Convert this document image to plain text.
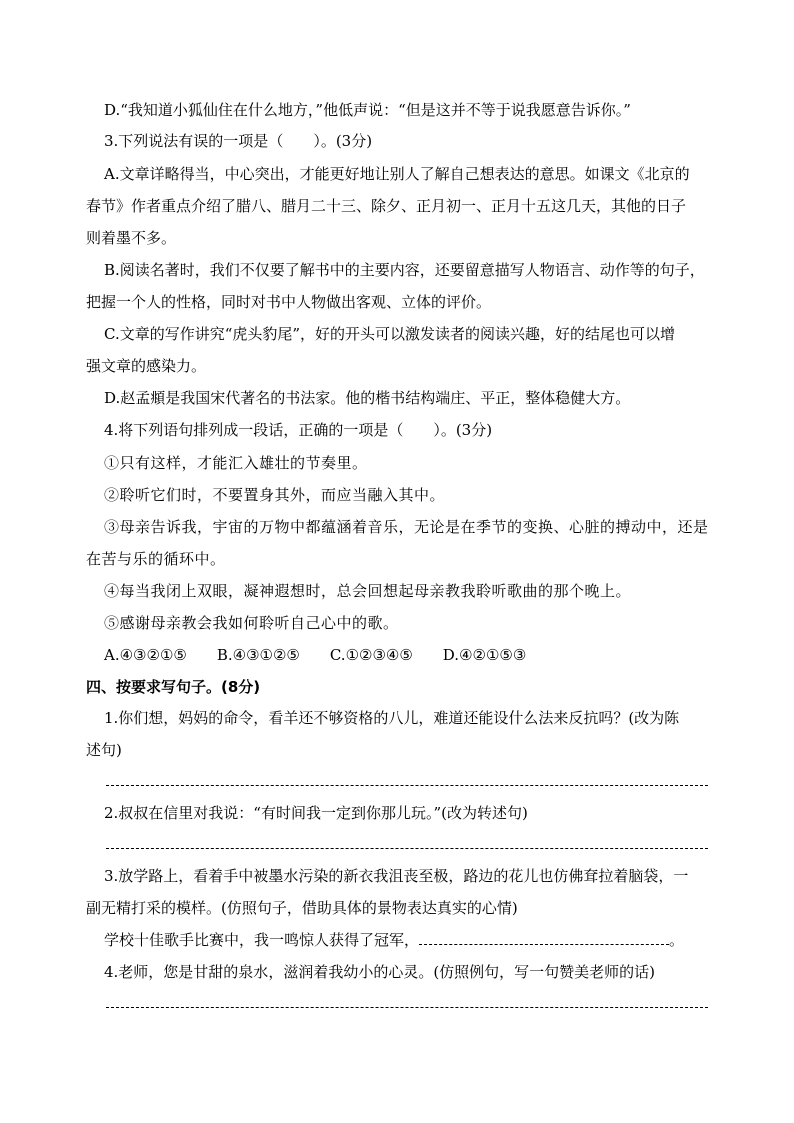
D.“我知道小狐仙住在什么地方，”他低声说：“但是这并不等于说我愿意告诉你。”
3.下列说法有误的一项是（　　）。(3分)
A.文章详略得当，中心突出，才能更好地让别人了解自己想表达的意思。如课文《北京的
春节》作者重点介绍了腊八、腊月二十三、除夕、正月初一、正月十五这几天，其他的日子
则着墨不多。
B.阅读名著时，我们不仅要了解书中的主要内容，还要留意描写人物语言、动作等的句子，
把握一个人的性格，同时对书中人物做出客观、立体的评价。
C.文章的写作讲究“虎头豹尾”，好的开头可以激发读者的阅读兴趣，好的结尾也可以增
强文章的感染力。
D.赵孟頫是我国宋代著名的书法家。他的楷书结构端庄、平正，整体稳健大方。
4.将下列语句排列成一段话，正确的一项是（　　）。(3分)
①只有这样，才能汇入雄壮的节奏里。
②聆听它们时，不要置身其外，而应当融入其中。
③母亲告诉我，宇宙的万物中都蕴涵着音乐，无论是在季节的变换、心脏的搏动中，还是
在苦与乐的循环中。
④每当我闭上双眼，凝神遐想时，总会回想起母亲教我聆听歌曲的那个晚上。
⑤感谢母亲教会我如何聆听自己心中的歌。
A.④③②①⑤　　B.④③①②⑤　　C.①②③④⑤　　D.④②①⑤③
四、按要求写句子。(8分)
1.你们想，妈妈的命令，看羊还不够资格的八儿，难道还能设什么法来反抗吗？(改为陈
述句)
2.叔叔在信里对我说：“有时间我一定到你那儿玩。”(改为转述句)
3.放学路上，看着手中被墨水污染的新衣我沮丧至极，路边的花儿也仿佛耷拉着脑袋，一
副无精打采的模样。(仿照句子，借助具体的景物表达真实的心情)
学校十佳歌手比赛中，我一鸣惊人获得了冠军，	。
4.老师，您是甘甜的泉水，滋润着我幼小的心灵。(仿照例句，写一句赞美老师的话)
